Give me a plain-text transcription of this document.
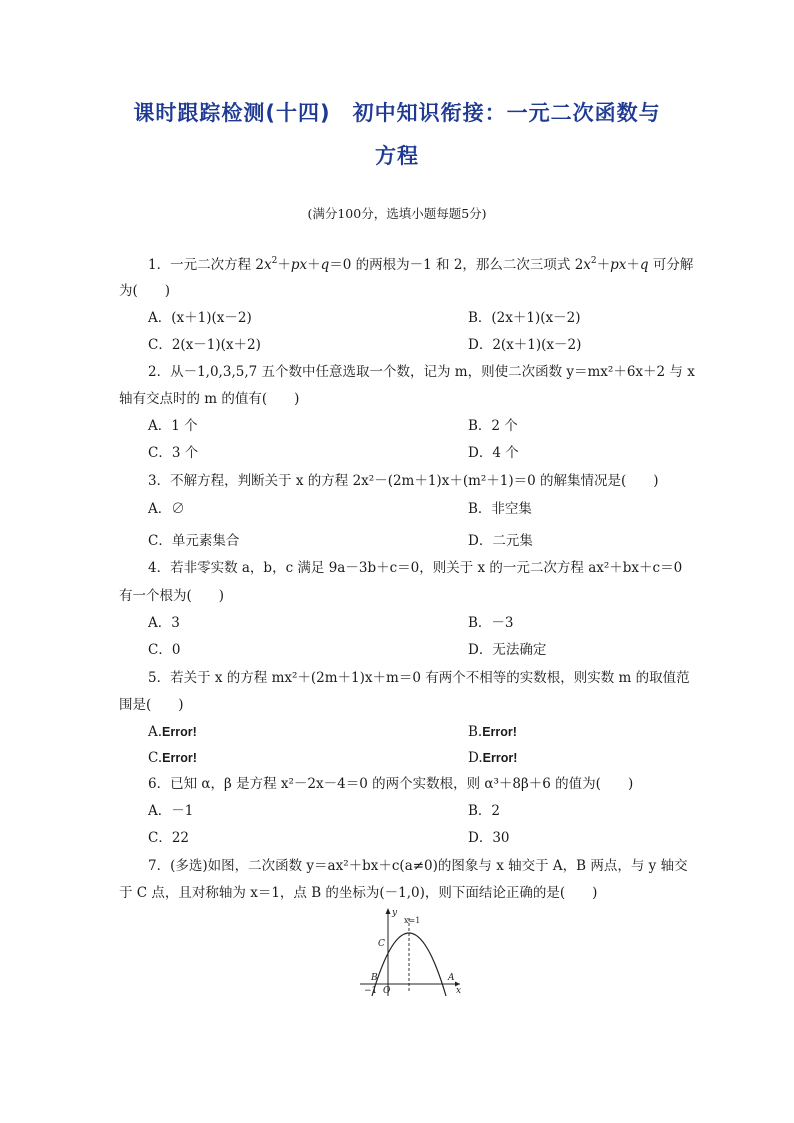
课时跟踪检测(十四)　初中知识衔接：一元二次函数与
方程
(满分100分，选填小题每题5分)
1．一元二次方程 $2x^2+px+q=0$ 的两根为－1 和 2，那么二次三项式 $2x^2+px+q$ 可分解
为(　　)
A．(x＋1)(x－2)	B．(2x＋1)(x－2)
C．2(x－1)(x＋2)	D．2(x＋1)(x－2)
2．从－1,0,3,5,7 五个数中任意选取一个数，记为 m，则使二次函数 y＝mx²＋6x＋2 与 x
轴有交点时的 m 的值有(　　)
A．1 个	B．2 个
C．3 个	D．4 个
3．不解方程，判断关于 x 的方程 2x²－(2m＋1)x＋(m²＋1)＝0 的解集情况是(　　)
A．∅	B．非空集
C．单元素集合	D．二元集
4．若非零实数 a，b，c 满足 9a－3b＋c＝0，则关于 x 的一元二次方程 ax²＋bx＋c＝0
有一个根为(　　)
A．3	B．－3
C．0	D．无法确定
5．若关于 x 的方程 mx²＋(2m＋1)x＋m＝0 有两个不相等的实数根，则实数 m 的取值范
围是(　　)
A.Error!	B.Error!
C.Error!	D.Error!
6．已知 α，β 是方程 x²－2x－4＝0 的两个实数根，则 α³＋8β＋6 的值为(　　)
A．－1	B．2
C．22	D．30
7．(多选)如图，二次函数 y＝ax²＋bx＋c(a≠0)的图象与 x 轴交于 A，B 两点，与 y 轴交
于 C 点，且对称轴为 x＝1，点 B 的坐标为(－1,0)，则下面结论正确的是(　　)
y
x
x=1
C
B	A
O
−1
